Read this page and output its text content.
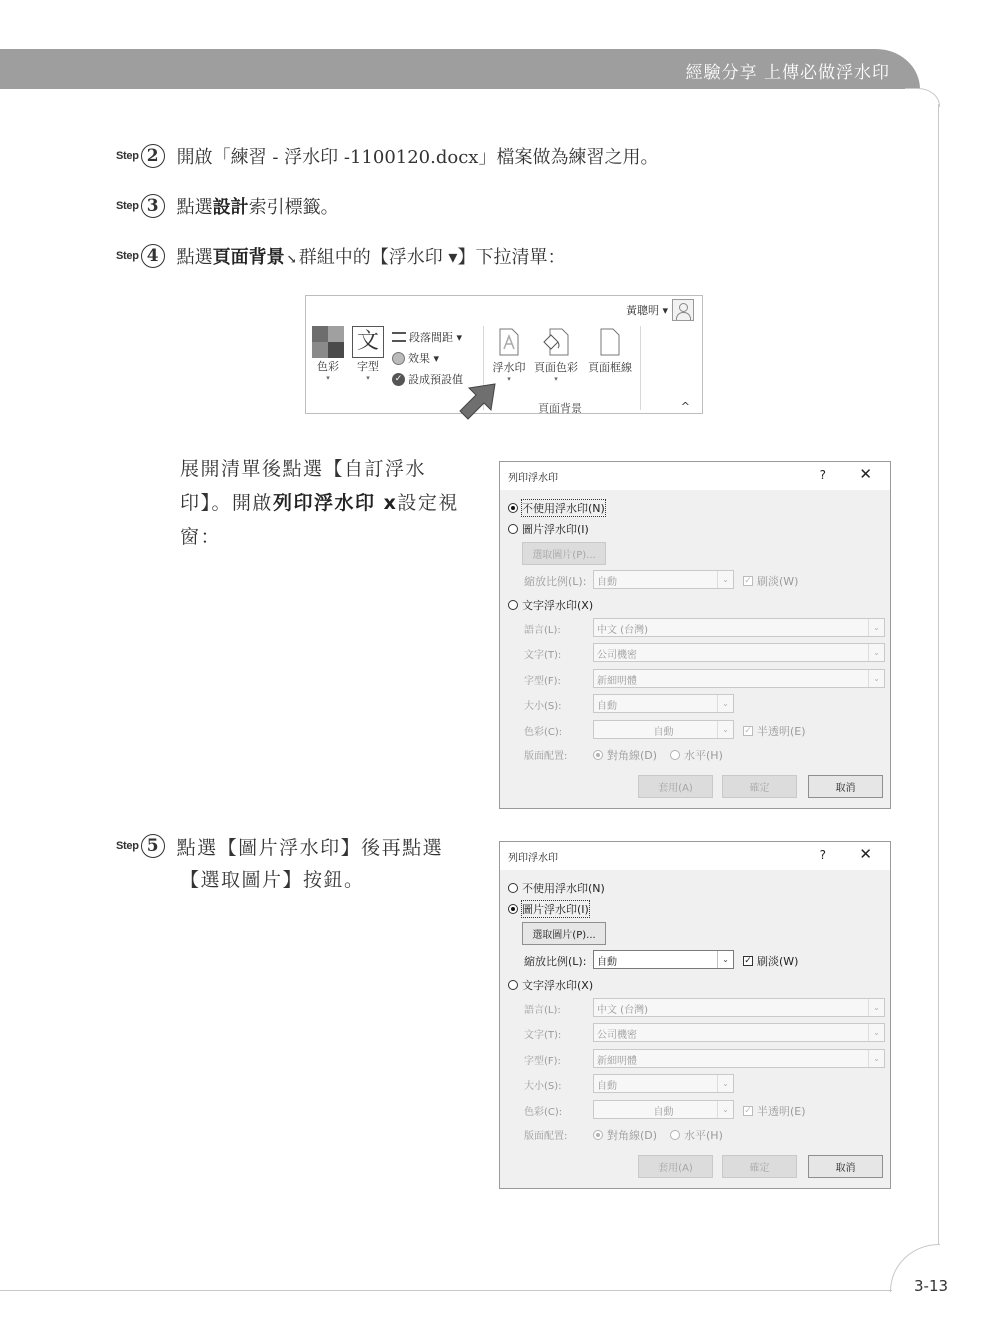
經驗分享 上傳必做浮水印
3-13
Step 2	開啟「練習 - 浮水印 -1100120.docx」檔案做為練習之用。
Step 3	點選設計索引標籤。
Step 4	點選頁面背景 ↘ 群組中的【浮水印 ▾】下拉清單：
黃聰明 ▾
色彩
▾
文
字型
▾
段落間距 ▾
效果 ▾
✓ 設成預設值
浮水印
▾
頁面色彩
▾
頁面框線
頁面背景	^
展開清單後點選【自訂浮水
印】。開啟列印浮水印 x設定視
窗：
列印浮水印	? ✕
不使用浮水印(N)
圖片浮水印(I)
選取圖片(P)...
縮放比例(L):	自動	⌄	✓ 刷淡(W)
文字浮水印(X)
語言(L):	中文 (台灣)	⌄
文字(T):	公司機密	⌄
字型(F):	新細明體	⌄
大小(S):	自動	⌄
色彩(C):	自動	⌄	✓ 半透明(E)
版面配置:	對角線(D) 水平(H)
套用(A)	確定	取消
Step 5 點選【圖片浮水印】後再點選
【選取圖片】按鈕。
列印浮水印	? ✕
不使用浮水印(N)
圖片浮水印(I)
選取圖片(P)...
縮放比例(L):	自動	⌄	✓ 刷淡(W)
文字浮水印(X)
語言(L):	中文 (台灣)	⌄
文字(T):	公司機密	⌄
字型(F):	新細明體	⌄
大小(S):	自動	⌄
色彩(C):	自動	⌄	✓ 半透明(E)
版面配置:	對角線(D) 水平(H)
套用(A)	確定	取消
